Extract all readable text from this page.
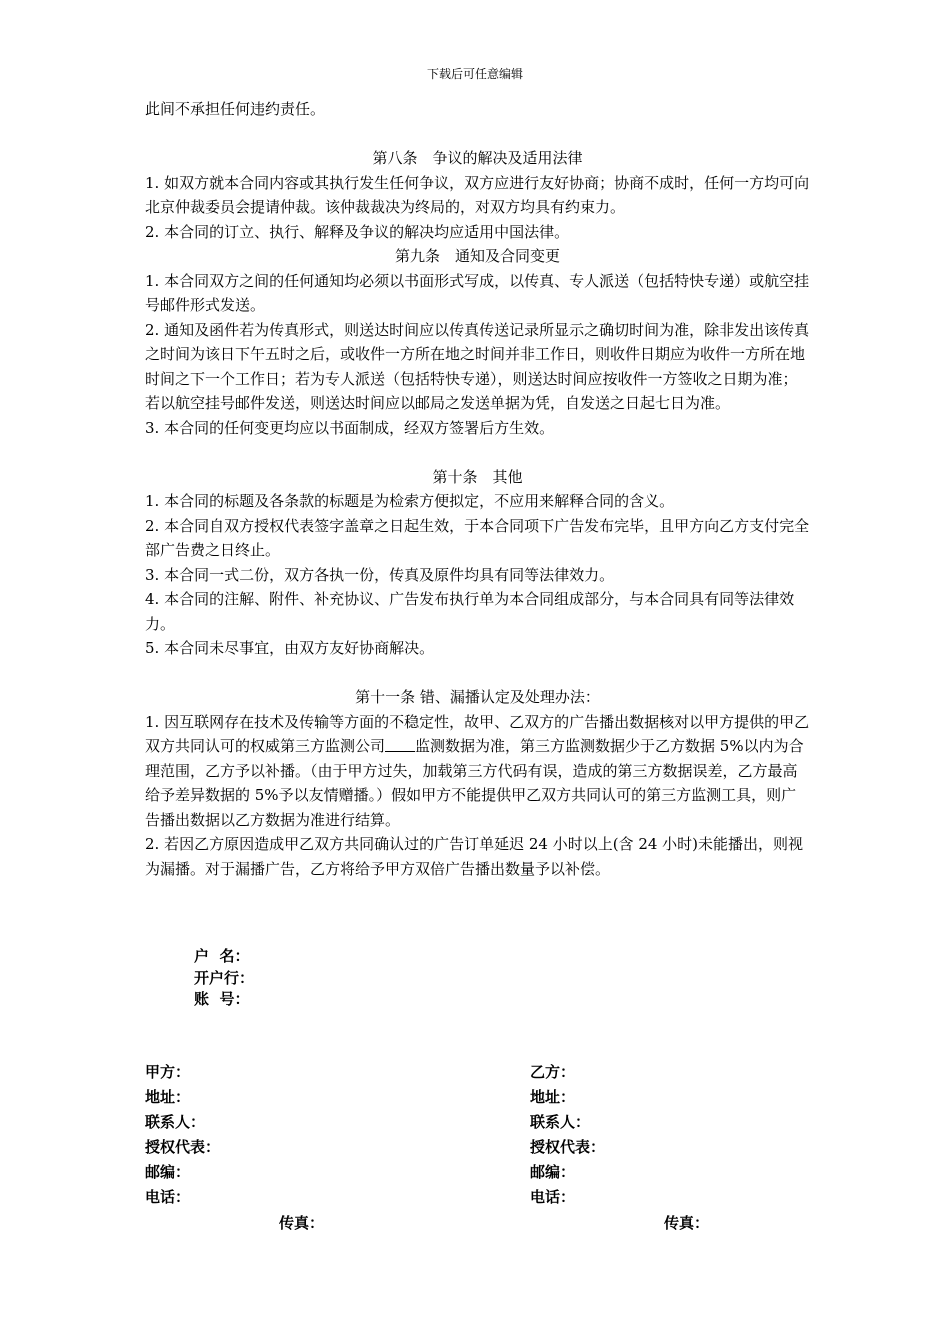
下载后可任意编辑

此间不承担任何违约责任。

第八条　争议的解决及适用法律

1. 如双方就本合同内容或其执行发生任何争议，双方应进行友好协商；协商不成时，任何一方均可向北京仲裁委员会提请仲裁。该仲裁裁决为终局的，对双方均具有约束力。

2. 本合同的订立、执行、解释及争议的解决均应适用中国法律。

第九条　通知及合同变更

1. 本合同双方之间的任何通知均必须以书面形式写成，以传真、专人派送（包括特快专递）或航空挂号邮件形式发送。

2. 通知及函件若为传真形式，则送达时间应以传真传送记录所显示之确切时间为准，除非发出该传真之时间为该日下午五时之后，或收件一方所在地之时间并非工作日，则收件日期应为收件一方所在地时间之下一个工作日；若为专人派送（包括特快专递），则送达时间应按收件一方签收之日期为准；若以航空挂号邮件发送，则送达时间应以邮局之发送单据为凭，自发送之日起七日为准。

3. 本合同的任何变更均应以书面制成，经双方签署后方生效。

第十条　其他

1. 本合同的标题及各条款的标题是为检索方便拟定，不应用来解释合同的含义。

2. 本合同自双方授权代表签字盖章之日起生效，于本合同项下广告发布完毕，且甲方向乙方支付完全部广告费之日终止。

3. 本合同一式二份，双方各执一份，传真及原件均具有同等法律效力。

4. 本合同的注解、附件、补充协议、广告发布执行单为本合同组成部分，与本合同具有同等法律效力。

5. 本合同未尽事宜，由双方友好协商解决。

第十一条 错、漏播认定及处理办法：

1. 因互联网存在技术及传输等方面的不稳定性，故甲、乙双方的广告播出数据核对以甲方提供的甲乙双方共同认可的权威第三方监测公司 监测数据为准，第三方监测数据少于乙方数据 5%以内为合理范围，乙方予以补播。（由于甲方过失，加载第三方代码有误，造成的第三方数据误差，乙方最高给予差异数据的 5%予以友情赠播。）假如甲方不能提供甲乙双方共同认可的第三方监测工具，则广告播出数据以乙方数据为准进行结算。

2. 若因乙方原因造成甲乙双方共同确认过的广告订单延迟 24 小时以上(含 24 小时)未能播出，则视为漏播。对于漏播广告，乙方将给予甲方双倍广告播出数量予以补偿。

户  名：
开户行：
账  号：
甲方：
地址：
联系人：
授权代表：
邮编：
电话：
乙方：
地址：
联系人：
授权代表：
邮编：
电话：
传真：	传真：
